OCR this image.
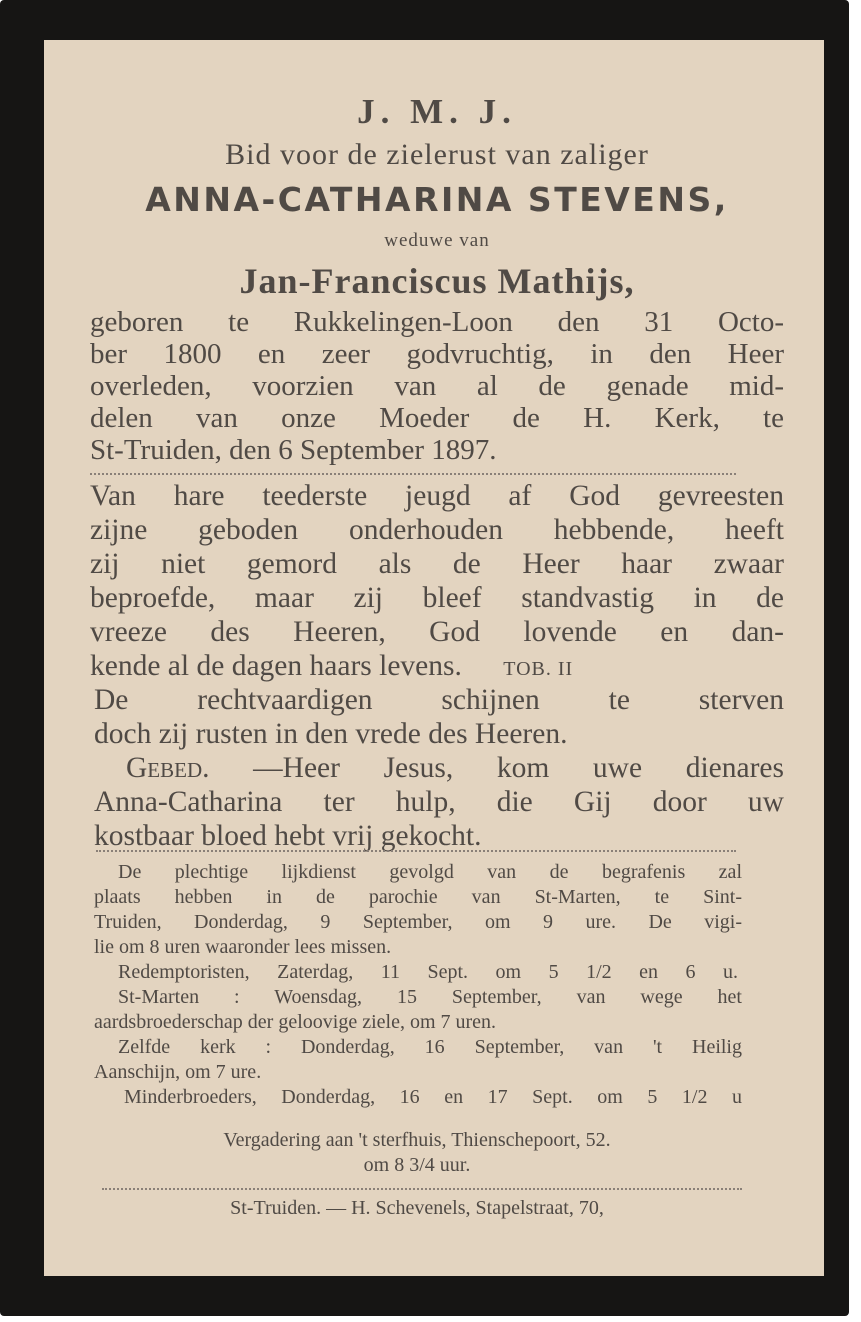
J. M. J.
Bid voor de zielerust van zaliger
ANNA-CATHARINA STEVENS,
weduwe van
Jan-Franciscus Mathijs,
geboren te Rukkelingen-Loon den 31 Octo-
ber 1800 en zeer godvruchtig, in den Heer
overleden, voorzien van al de genade mid-
delen van onze Moeder de H. Kerk, te
St-Truiden, den 6 September 1897.
Van hare teederste jeugd af God gevreesten
zijne geboden onderhouden hebbende, heeft
zij niet gemord als de Heer haar zwaar
beproefde, maar zij bleef standvastig in de
vreeze des Heeren, God lovende en dan-
kende al de dagen haars levens. TOB. II
De rechtvaardigen schijnen te sterven
doch zij rusten in den vrede des Heeren.
Gebed. —Heer Jesus, kom uwe dienares
Anna-Catharina ter hulp, die Gij door uw
kostbaar bloed hebt vrij gekocht.
De plechtige lijkdienst gevolgd van de begrafenis zal
plaats hebben in de parochie van St-Marten, te Sint-
Truiden, Donderdag, 9 September, om 9 ure. De vigi-
lie om 8 uren waaronder lees missen.
Redemptoristen, Zaterdag, 11 Sept. om 5 1/2 en 6 u.
St-Marten : Woensdag, 15 September, van wege het
aardsbroederschap der geloovige ziele, om 7 uren.
Zelfde kerk : Donderdag, 16 September, van 't Heilig
Aanschijn, om 7 ure.
Minderbroeders, Donderdag, 16 en 17 Sept. om 5 1/2 u
Vergadering aan 't sterfhuis, Thienschepoort, 52.
om 8 3/4 uur.
St-Truiden. — H. Schevenels, Stapelstraat, 70,
